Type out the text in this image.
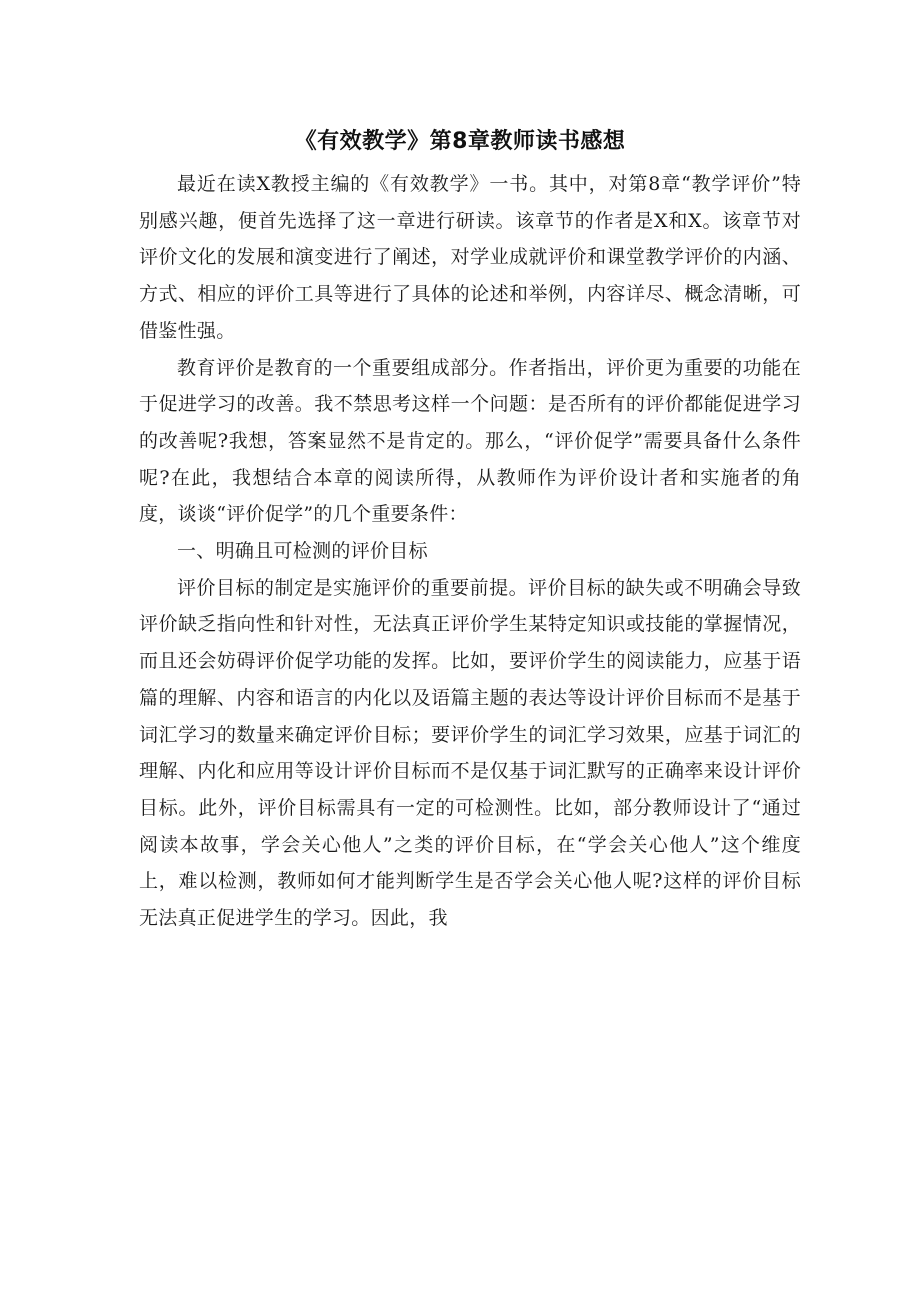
《有效教学》第8章教师读书感想

最近在读X教授主编的《有效教学》一书。其中，对第8章“教学评价”特别感兴趣，便首先选择了这一章进行研读。该章节的作者是X和X。该章节对评价文化的发展和演变进行了阐述，对学业成就评价和课堂教学评价的内涵、方式、相应的评价工具等进行了具体的论述和举例，内容详尽、概念清晰，可借鉴性强。

教育评价是教育的一个重要组成部分。作者指出，评价更为重要的功能在于促进学习的改善。我不禁思考这样一个问题：是否所有的评价都能促进学习的改善呢?我想，答案显然不是肯定的。那么，“评价促学”需要具备什么条件呢?在此，我想结合本章的阅读所得，从教师作为评价设计者和实施者的角度，谈谈“评价促学”的几个重要条件：

一、明确且可检测的评价目标

评价目标的制定是实施评价的重要前提。评价目标的缺失或不明确会导致评价缺乏指向性和针对性，无法真正评价学生某特定知识或技能的掌握情况，而且还会妨碍评价促学功能的发挥。比如，要评价学生的阅读能力，应基于语篇的理解、内容和语言的内化以及语篇主题的表达等设计评价目标而不是基于词汇学习的数量来确定评价目标；要评价学生的词汇学习效果，应基于词汇的理解、内化和应用等设计评价目标而不是仅基于词汇默写的正确率来设计评价目标。此外，评价目标需具有一定的可检测性。比如，部分教师设计了“通过阅读本故事，学会关心他人”之类的评价目标，在“学会关心他人”这个维度上，难以检测，教师如何才能判断学生是否学会关心他人呢?这样的评价目标无法真正促进学生的学习。因此，我
